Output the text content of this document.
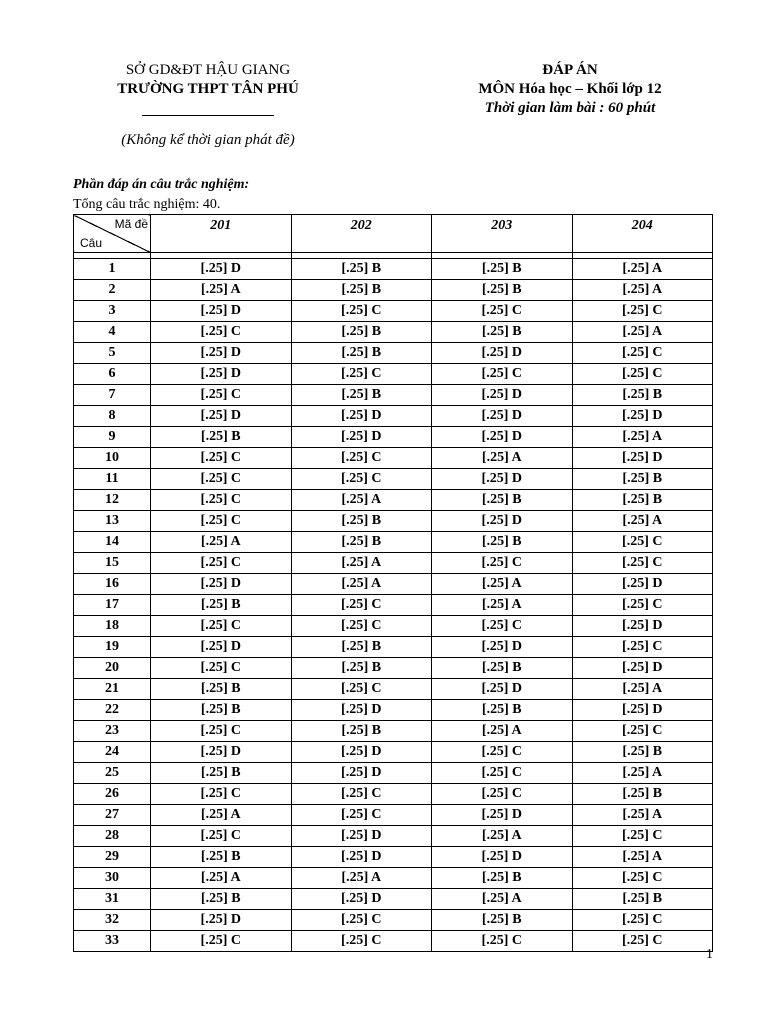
SỞ GD&ĐT HẬU GIANG
TRƯỜNG THPT TÂN PHÚ
(Không kể thời gian phát đề)
ĐÁP ÁN
MÔN Hóa học – Khối lớp 12
Thời gian làm bài : 60 phút
Phần đáp án câu trắc nghiệm:
Tổng câu trắc nghiệm: 40.
Mã đề
Câu	201	202	203	204

1	[.25] D	[.25] B	[.25] B	[.25] A
2	[.25] A	[.25] B	[.25] B	[.25] A
3	[.25] D	[.25] C	[.25] C	[.25] C
4	[.25] C	[.25] B	[.25] B	[.25] A
5	[.25] D	[.25] B	[.25] D	[.25] C
6	[.25] D	[.25] C	[.25] C	[.25] C
7	[.25] C	[.25] B	[.25] D	[.25] B
8	[.25] D	[.25] D	[.25] D	[.25] D
9	[.25] B	[.25] D	[.25] D	[.25] A
10	[.25] C	[.25] C	[.25] A	[.25] D
11	[.25] C	[.25] C	[.25] D	[.25] B
12	[.25] C	[.25] A	[.25] B	[.25] B
13	[.25] C	[.25] B	[.25] D	[.25] A
14	[.25] A	[.25] B	[.25] B	[.25] C
15	[.25] C	[.25] A	[.25] C	[.25] C
16	[.25] D	[.25] A	[.25] A	[.25] D
17	[.25] B	[.25] C	[.25] A	[.25] C
18	[.25] C	[.25] C	[.25] C	[.25] D
19	[.25] D	[.25] B	[.25] D	[.25] C
20	[.25] C	[.25] B	[.25] B	[.25] D
21	[.25] B	[.25] C	[.25] D	[.25] A
22	[.25] B	[.25] D	[.25] B	[.25] D
23	[.25] C	[.25] B	[.25] A	[.25] C
24	[.25] D	[.25] D	[.25] C	[.25] B
25	[.25] B	[.25] D	[.25] C	[.25] A
26	[.25] C	[.25] C	[.25] C	[.25] B
27	[.25] A	[.25] C	[.25] D	[.25] A
28	[.25] C	[.25] D	[.25] A	[.25] C
29	[.25] B	[.25] D	[.25] D	[.25] A
30	[.25] A	[.25] A	[.25] B	[.25] C
31	[.25] B	[.25] D	[.25] A	[.25] B
32	[.25] D	[.25] C	[.25] B	[.25] C
33	[.25] C	[.25] C	[.25] C	[.25] C
1
